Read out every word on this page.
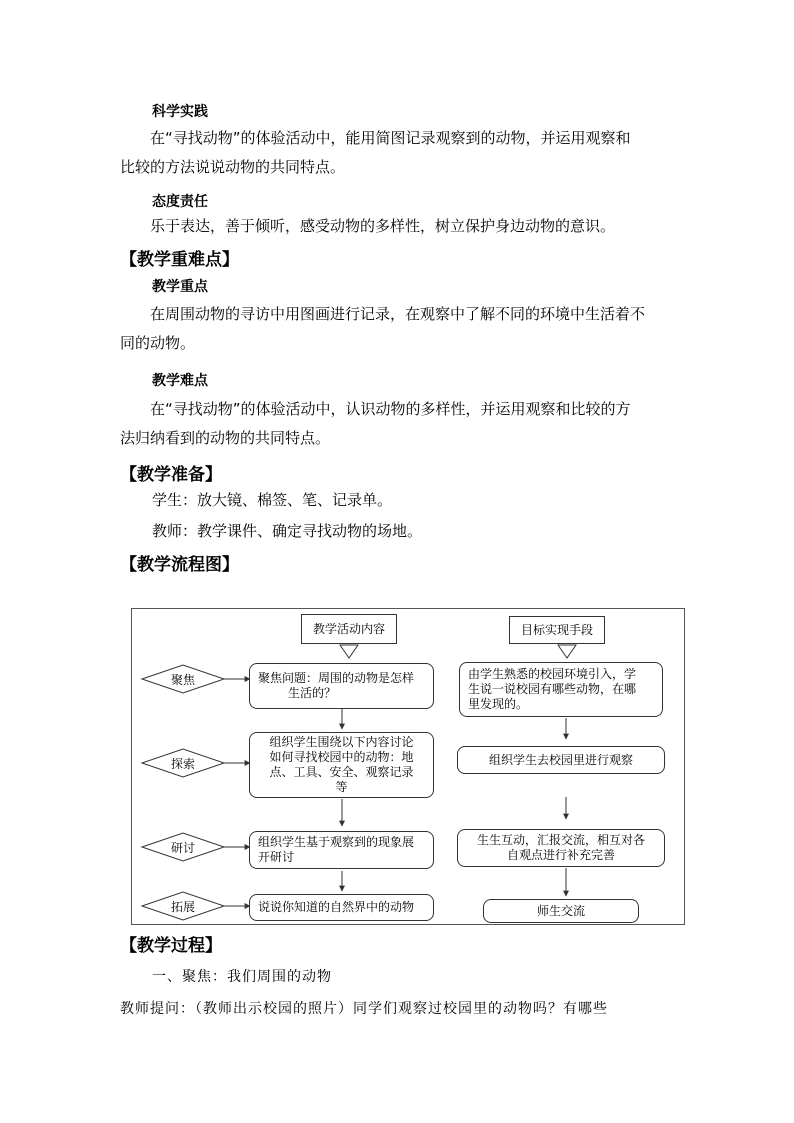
科学实践
在“寻找动物”的体验活动中，能用简图记录观察到的动物，并运用观察和
比较的方法说说动物的共同特点。
态度责任
乐于表达，善于倾听，感受动物的多样性，树立保护身边动物的意识。
【教学重难点】
教学重点
在周围动物的寻访中用图画进行记录，在观察中了解不同的环境中生活着不
同的动物。
教学难点
在“寻找动物”的体验活动中，认识动物的多样性，并运用观察和比较的方
法归纳看到的动物的共同特点。
【教学准备】
学生：放大镜、棉签、笔、记录单。
教师：教学课件、确定寻找动物的场地。
【教学流程图】
教学活动内容	目标实现手段
聚焦
探索
研讨
拓展
聚焦问题：周围的动物是怎样
生活的？
组织学生围绕以下内容讨论
如何寻找校园中的动物：地
点、工具、安全、观察记录
等
组织学生基于观察到的现象展
开研讨
说说你知道的自然界中的动物
由学生熟悉的校园环境引入，学
生说一说校园有哪些动物，在哪
里发现的。
组织学生去校园里进行观察
生生互动，汇报交流，相互对各
自观点进行补充完善
师生交流
【教学过程】
一、聚焦：我们周围的动物
教师提问：（教师出示校园的照片）同学们观察过校园里的动物吗？有哪些
